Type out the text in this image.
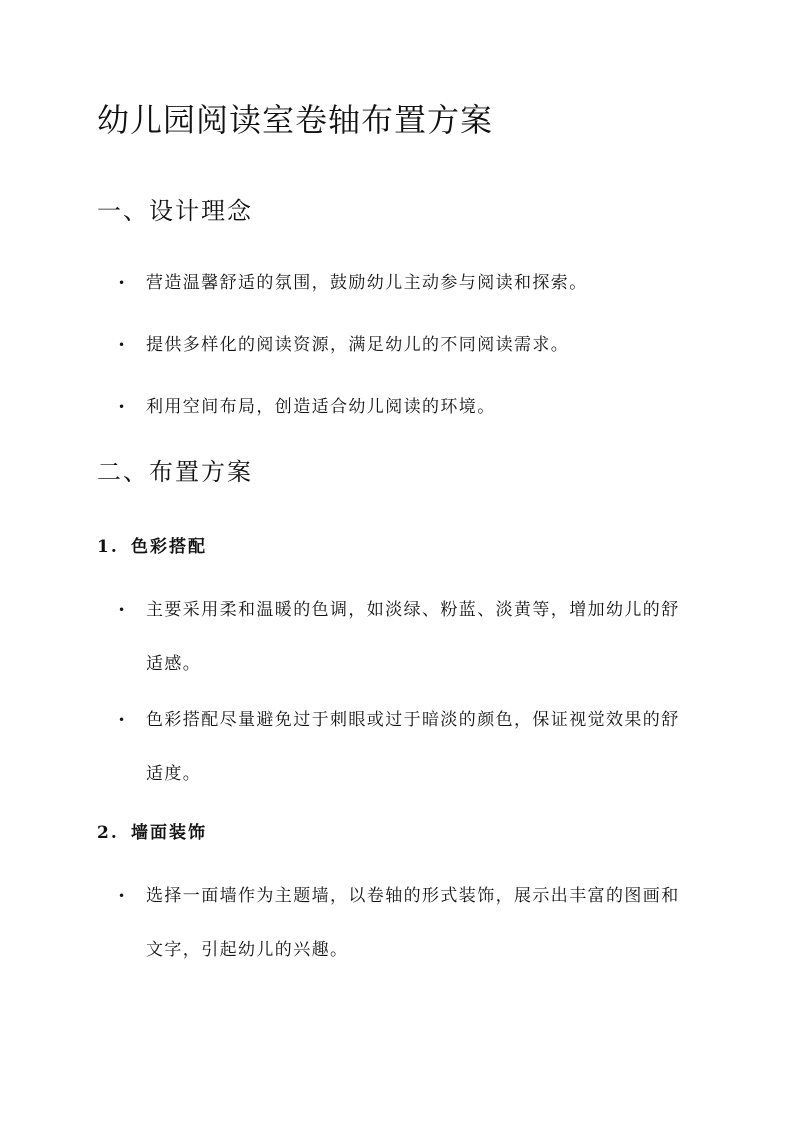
幼儿园阅读室卷轴布置方案
一、设计理念
• 营造温馨舒适的氛围，鼓励幼儿主动参与阅读和探索。
• 提供多样化的阅读资源，满足幼儿的不同阅读需求。
• 利用空间布局，创造适合幼儿阅读的环境。
二、布置方案
1. 色彩搭配
• 主要采用柔和温暖的色调，如淡绿、粉蓝、淡黄等，增加幼儿的舒适感。
• 色彩搭配尽量避免过于刺眼或过于暗淡的颜色，保证视觉效果的舒适度。
2. 墙面装饰
• 选择一面墙作为主题墙，以卷轴的形式装饰，展示出丰富的图画和文字，引起幼儿的兴趣。
